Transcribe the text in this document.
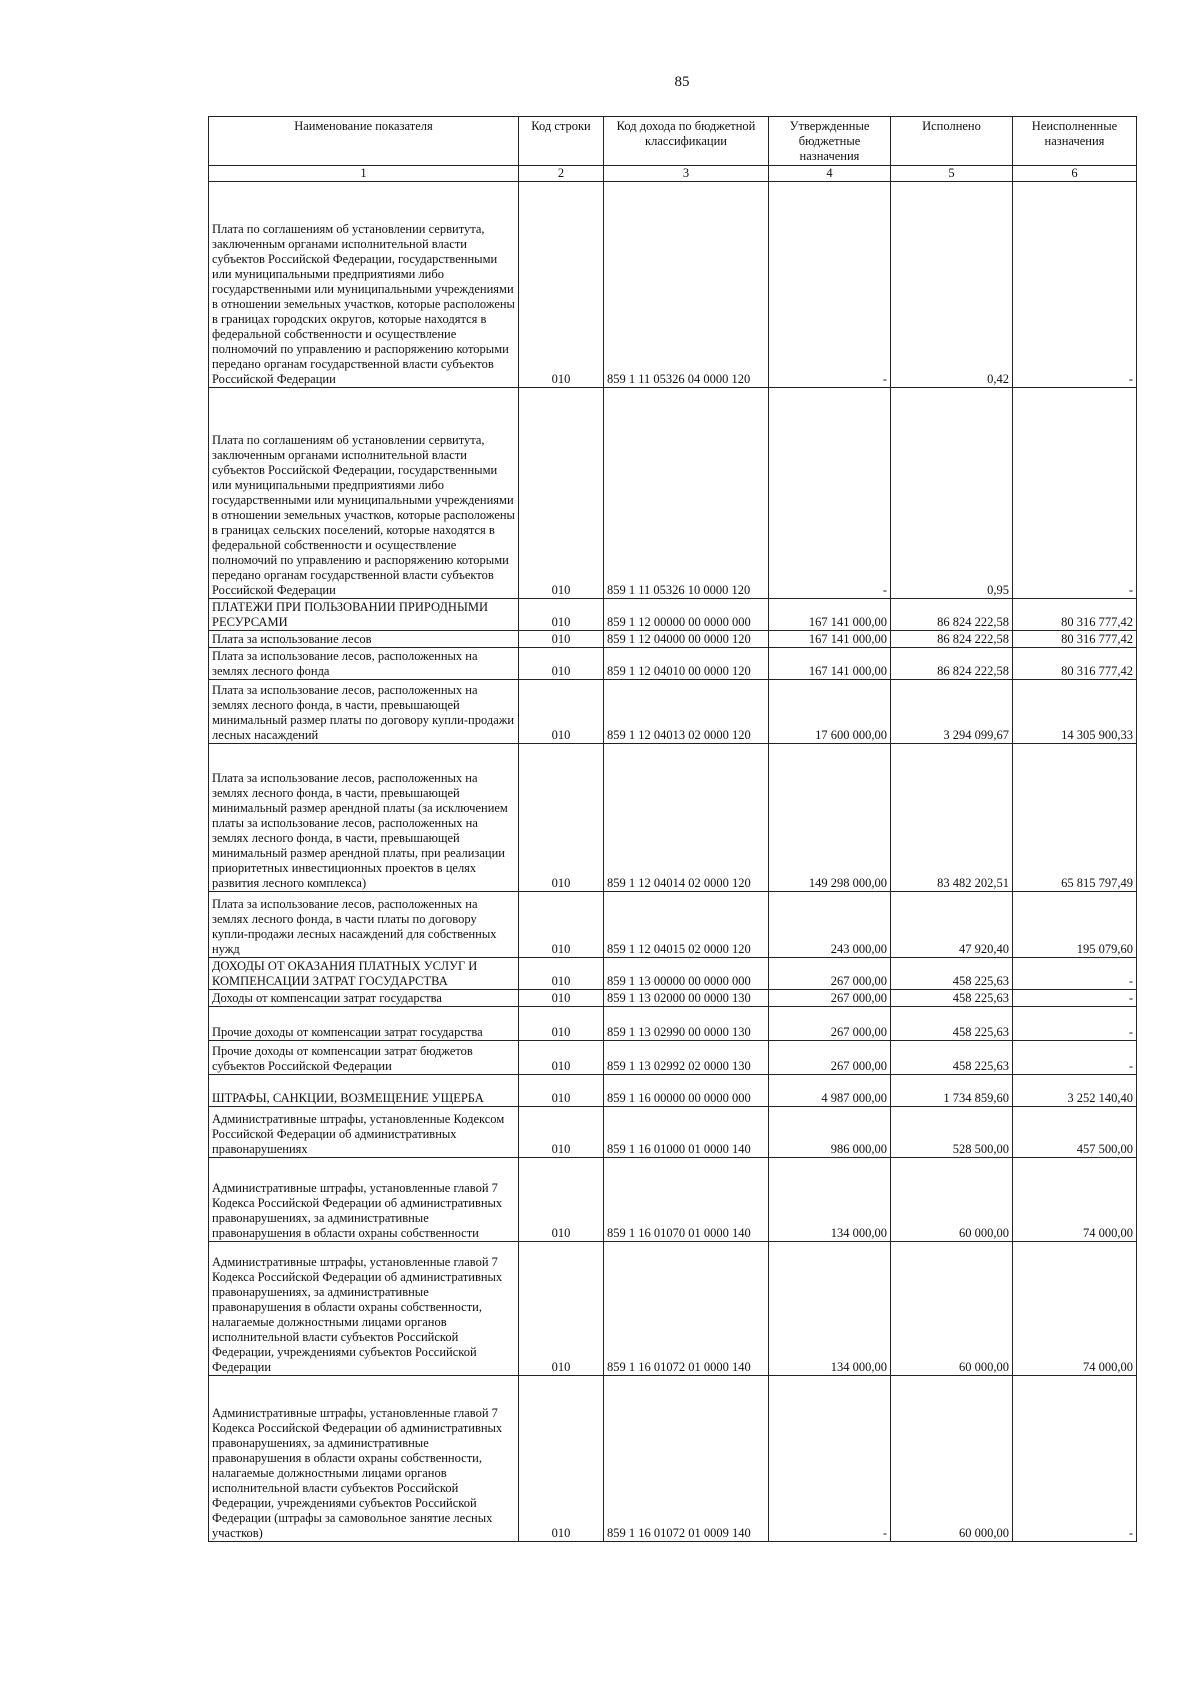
85
Наименование показателя	Код строки	Код дохода по бюджетной классификации	Утвержденные бюджетные назначения	Исполнено	Неисполненные назначения
1	2	3	4	5	6
Плата по соглашениям об установлении сервитута, заключенным органами исполнительной власти субъектов Российской Федерации, государственными или муниципальными предприятиями либо государственными или муниципальными учреждениями в отношении земельных участков, которые расположены в границах городских округов, которые находятся в федеральной собственности и осуществление полномочий по управлению и распоряжению которыми передано органам государственной власти субъектов Российской Федерации	010	859 1 11 05326 04 0000 120	-	0,42	-
Плата по соглашениям об установлении сервитута, заключенным органами исполнительной власти субъектов Российской Федерации, государственными или муниципальными предприятиями либо государственными или муниципальными учреждениями в отношении земельных участков, которые расположены в границах сельских поселений, которые находятся в федеральной собственности и осуществление полномочий по управлению и распоряжению которыми передано органам государственной власти субъектов Российской Федерации	010	859 1 11 05326 10 0000 120	-	0,95	-
ПЛАТЕЖИ ПРИ ПОЛЬЗОВАНИИ ПРИРОДНЫМИ РЕСУРСАМИ	010	859 1 12 00000 00 0000 000	167 141 000,00	86 824 222,58	80 316 777,42
Плата за использование лесов	010	859 1 12 04000 00 0000 120	167 141 000,00	86 824 222,58	80 316 777,42
Плата за использование лесов, расположенных на землях лесного фонда	010	859 1 12 04010 00 0000 120	167 141 000,00	86 824 222,58	80 316 777,42
Плата за использование лесов, расположенных на землях лесного фонда, в части, превышающей минимальный размер платы по договору купли-продажи лесных насаждений	010	859 1 12 04013 02 0000 120	17 600 000,00	3 294 099,67	14 305 900,33
Плата за использование лесов, расположенных на землях лесного фонда, в части, превышающей минимальный размер арендной платы (за исключением платы за использование лесов, расположенных на землях лесного фонда, в части, превышающей минимальный размер арендной платы, при реализации приоритетных инвестиционных проектов в целях развития лесного комплекса)	010	859 1 12 04014 02 0000 120	149 298 000,00	83 482 202,51	65 815 797,49
Плата за использование лесов, расположенных на землях лесного фонда, в части платы по договору купли-продажи лесных насаждений для собственных нужд	010	859 1 12 04015 02 0000 120	243 000,00	47 920,40	195 079,60
ДОХОДЫ ОТ ОКАЗАНИЯ ПЛАТНЫХ УСЛУГ И КОМПЕНСАЦИИ ЗАТРАТ ГОСУДАРСТВА	010	859 1 13 00000 00 0000 000	267 000,00	458 225,63	-
Доходы от компенсации затрат государства	010	859 1 13 02000 00 0000 130	267 000,00	458 225,63	-
Прочие доходы от компенсации затрат государства	010	859 1 13 02990 00 0000 130	267 000,00	458 225,63	-
Прочие доходы от компенсации затрат бюджетов субъектов Российской Федерации	010	859 1 13 02992 02 0000 130	267 000,00	458 225,63	-
ШТРАФЫ, САНКЦИИ, ВОЗМЕЩЕНИЕ УЩЕРБА	010	859 1 16 00000 00 0000 000	4 987 000,00	1 734 859,60	3 252 140,40
Административные штрафы, установленные Кодексом Российской Федерации об административных правонарушениях	010	859 1 16 01000 01 0000 140	986 000,00	528 500,00	457 500,00
Административные штрафы, установленные главой 7 Кодекса Российской Федерации об административных правонарушениях, за административные правонарушения в области охраны собственности	010	859 1 16 01070 01 0000 140	134 000,00	60 000,00	74 000,00
Административные штрафы, установленные главой 7 Кодекса Российской Федерации об административных правонарушениях, за административные правонарушения в области охраны собственности, налагаемые должностными лицами органов исполнительной власти субъектов Российской Федерации, учреждениями субъектов Российской Федерации	010	859 1 16 01072 01 0000 140	134 000,00	60 000,00	74 000,00
Административные штрафы, установленные главой 7 Кодекса Российской Федерации об административных правонарушениях, за административные правонарушения в области охраны собственности, налагаемые должностными лицами органов исполнительной власти субъектов Российской Федерации, учреждениями субъектов Российской Федерации (штрафы за самовольное занятие лесных участков)	010	859 1 16 01072 01 0009 140	-	60 000,00	-
